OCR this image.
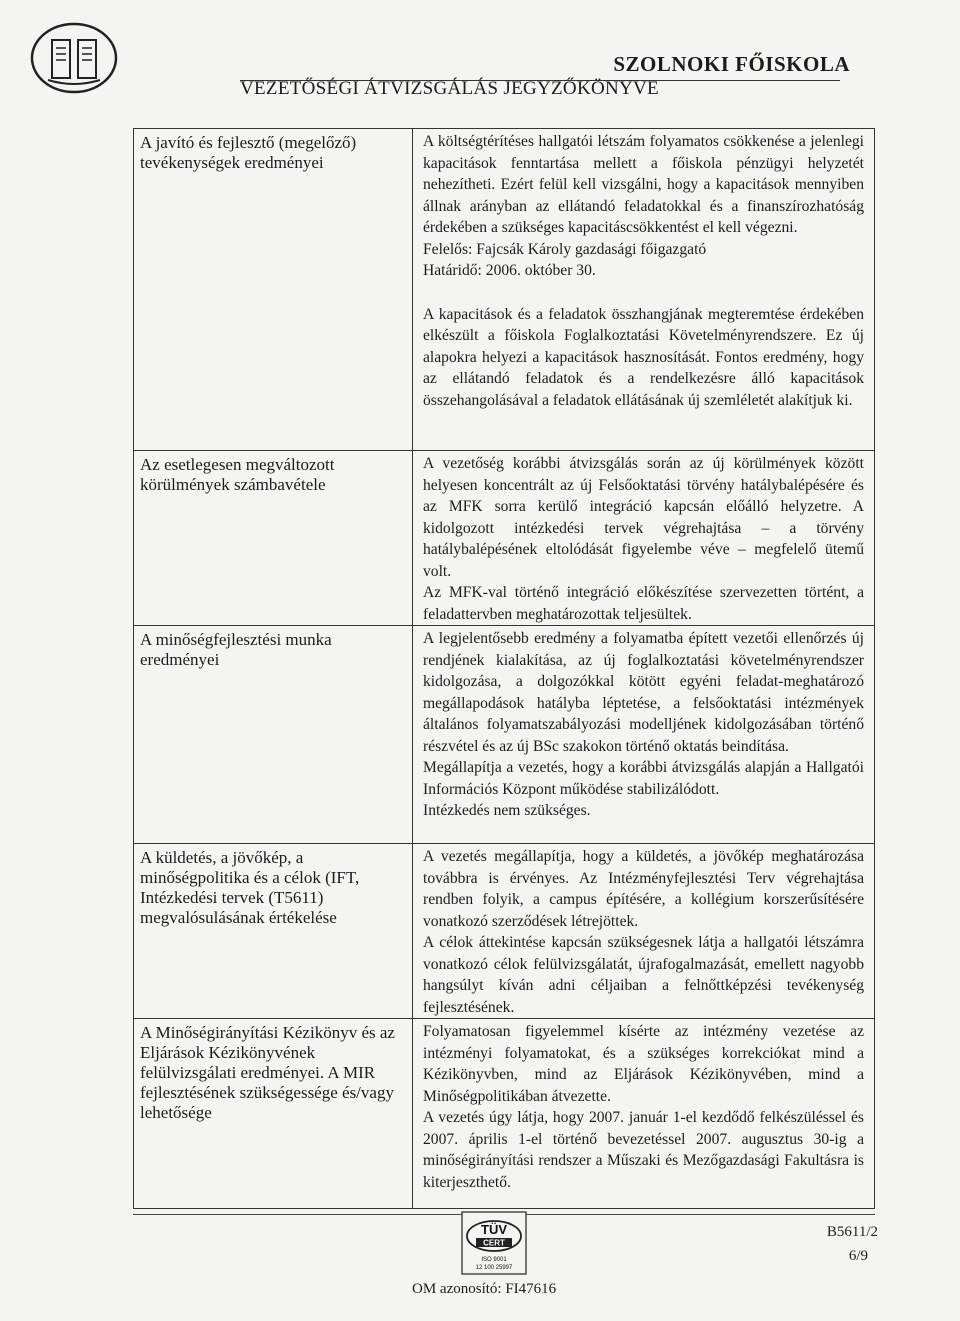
SZOLNOKI FŐISKOLA
VEZETŐSÉGI ÁTVIZSGÁLÁS JEGYZŐKÖNYVE
A javító és fejlesztő (megelőző) tevékenységek eredményei	A költségtérítéses hallgatói létszám folyamatos csökkenése a jelenlegi kapacitások fenntartása mellett a főiskola pénzügyi helyzetét nehezítheti. Ezért felül kell vizsgálni, hogy a kapacitások mennyiben állnak arányban az ellátandó feladatokkal és a finanszírozhatóság érdekében a szükséges kapacitáscsökkentést el kell végezni.
Felelős: Fajcsák Károly gazdasági főigazgató
Határidő: 2006. október 30.
A kapacitások és a feladatok összhangjának megteremtése érdekében elkészült a főiskola Foglalkoztatási Követelményrendszere. Ez új alapokra helyezi a kapacitások hasznosítását. Fontos eredmény, hogy az ellátandó feladatok és a rendelkezésre álló kapacitások összehangolásával a feladatok ellátásának új szemléletét alakítjuk ki.

Az esetlegesen megváltozott körülmények számbavétele	A vezetőség korábbi átvizsgálás során az új körülmények között helyesen koncentrált az új Felsőoktatási törvény hatálybalépésére és az MFK sorra kerülő integráció kapcsán előálló helyzetre. A kidolgozott intézkedési tervek végrehajtása – a törvény hatálybalépésének eltolódását figyelembe véve – megfelelő ütemű volt.
Az MFK-val történő integráció előkészítése szervezetten történt, a feladattervben meghatározottak teljesültek.

A minőségfejlesztési munka eredményei	A legjelentősebb eredmény a folyamatba épített vezetői ellenőrzés új rendjének kialakítása, az új foglalkoztatási követelményrendszer kidolgozása, a dolgozókkal kötött egyéni feladat-meghatározó megállapodások hatályba léptetése, a felsőoktatási intézmények általános folyamatszabályozási modelljének kidolgozásában történő részvétel és az új BSc szakokon történő oktatás beindítása.
Megállapítja a vezetés, hogy a korábbi átvizsgálás alapján a Hallgatói Információs Központ működése stabilizálódott.
Intézkedés nem szükséges.

A küldetés, a jövőkép, a minőségpolitika és a célok (IFT, Intézkedési tervek (T5611) megvalósulásának értékelése	A vezetés megállapítja, hogy a küldetés, a jövőkép meghatározása továbbra is érvényes. Az Intézményfejlesztési Terv végrehajtása rendben folyik, a campus építésére, a kollégium korszerűsítésére vonatkozó szerződések létrejöttek.
A célok áttekintése kapcsán szükségesnek látja a hallgatói létszámra vonatkozó célok felülvizsgálatát, újrafogalmazását, emellett nagyobb hangsúlyt kíván adni céljaiban a felnőttképzési tevékenység fejlesztésének.

A Minőségirányítási Kézikönyv és az Eljárások Kézikönyvének felülvizsgálati eredményei. A MIR fejlesztésének szükségessége és/vagy lehetősége	Folyamatosan figyelemmel kísérte az intézmény vezetése az intézményi folyamatokat, és a szükséges korrekciókat mind a Kézikönyvben, mind az Eljárások Kézikönyvében, mind a Minőségpolitikában átvezette.
A vezetés úgy látja, hogy 2007. január 1-el kezdődő felkészüléssel és 2007. április 1-el történő bevezetéssel 2007. augusztus 30-ig a minőségirányítási rendszer a Műszaki és Mezőgazdasági Fakultásra is kiterjeszthető.
TÜV
CERT
ISO 9001
12 100 25997
B5611/2
6/9
OM azonosító: FI47616
